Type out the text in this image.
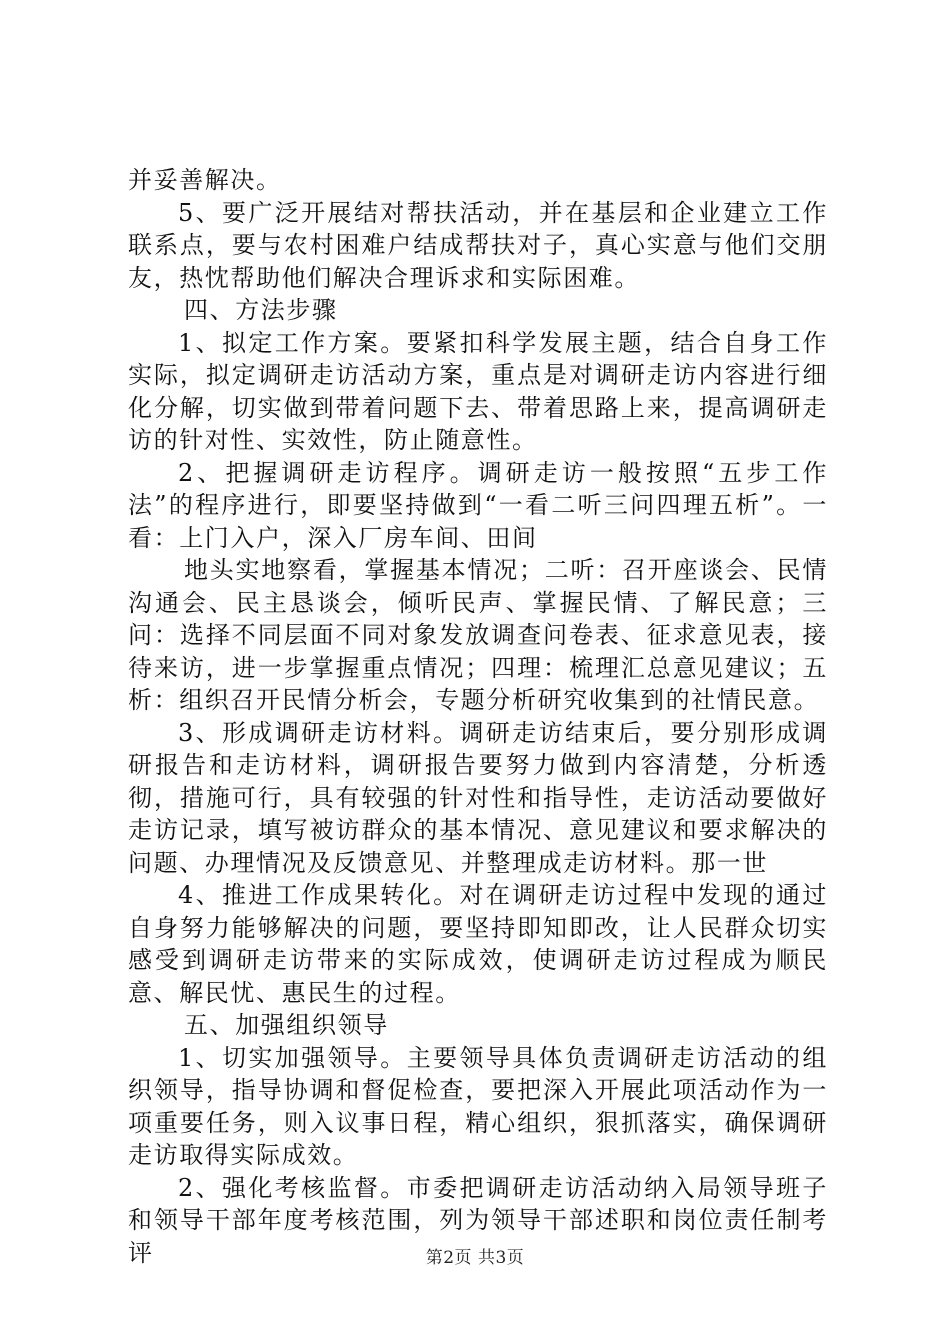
并妥善解决。

5、要广泛开展结对帮扶活动，并在基层和企业建立工作联系点，要与农村困难户结成帮扶对子，真心实意与他们交朋友，热忱帮助他们解决合理诉求和实际困难。

四、方法步骤

1、拟定工作方案。要紧扣科学发展主题，结合自身工作实际，拟定调研走访活动方案，重点是对调研走访内容进行细化分解，切实做到带着问题下去、带着思路上来，提高调研走访的针对性、实效性，防止随意性。

2、把握调研走访程序。调研走访一般按照“五步工作法”的程序进行，即要坚持做到“一看二听三问四理五析”。一看：上门入户，深入厂房车间、田间

地头实地察看，掌握基本情况；二听：召开座谈会、民情沟通会、民主恳谈会，倾听民声、掌握民情、了解民意；三问：选择不同层面不同对象发放调查问卷表、征求意见表，接待来访，进一步掌握重点情况；四理：梳理汇总意见建议；五析：组织召开民情分析会，专题分析研究收集到的社情民意。

3、形成调研走访材料。调研走访结束后，要分别形成调研报告和走访材料，调研报告要努力做到内容清楚，分析透彻，措施可行，具有较强的针对性和指导性，走访活动要做好走访记录，填写被访群众的基本情况、意见建议和要求解决的问题、办理情况及反馈意见、并整理成走访材料。那一世

4、推进工作成果转化。对在调研走访过程中发现的通过自身努力能够解决的问题，要坚持即知即改，让人民群众切实感受到调研走访带来的实际成效，使调研走访过程成为顺民意、解民忧、惠民生的过程。

五、加强组织领导

1、切实加强领导。主要领导具体负责调研走访活动的组织领导，指导协调和督促检查，要把深入开展此项活动作为一项重要任务，则入议事日程，精心组织，狠抓落实，确保调研走访取得实际成效。

2、强化考核监督。市委把调研走访活动纳入局领导班子和领导干部年度考核范围，列为领导干部述职和岗位责任制考评	第2页 共3页
